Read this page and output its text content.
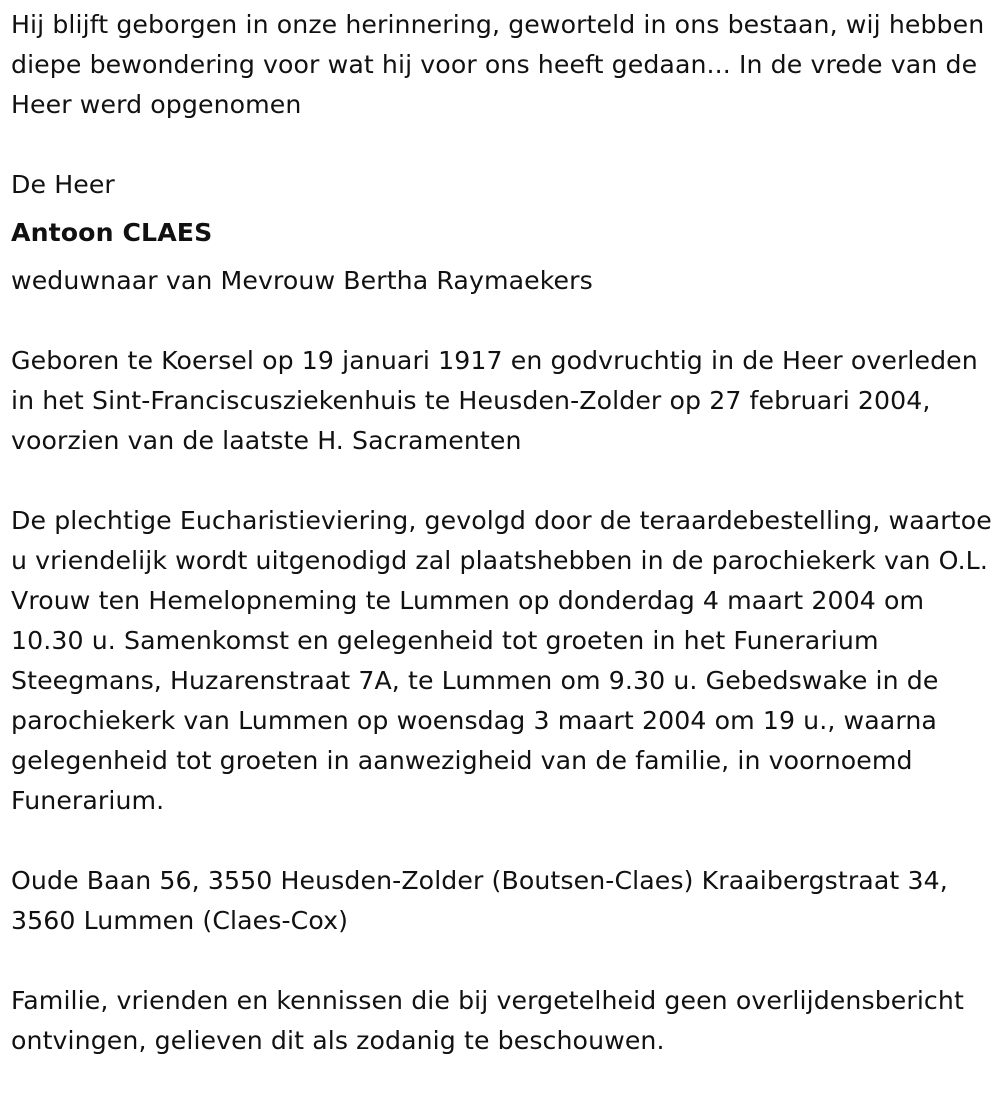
Hij blijft geborgen in onze herinnering, geworteld in ons bestaan, wij hebben diepe bewondering voor wat hij voor ons heeft gedaan... In de vrede van de Heer werd opgenomen

De Heer
Antoon CLAES
weduwnaar van Mevrouw Bertha Raymaekers

Geboren te Koersel op 19 januari 1917 en godvruchtig in de Heer overleden in het Sint-Franciscusziekenhuis te Heusden-Zolder op 27 februari 2004, voorzien van de laatste H. Sacramenten

De plechtige Eucharistieviering, gevolgd door de teraardebestelling, waartoe u vriendelijk wordt uitgenodigd zal plaatshebben in de parochiekerk van O.L. Vrouw ten Hemelopneming te Lummen op donderdag 4 maart 2004 om 10.30 u. Samenkomst en gelegenheid tot groeten in het Funerarium Steegmans, Huzarenstraat 7A, te Lummen om 9.30 u. Gebedswake in de parochiekerk van Lummen op woensdag 3 maart 2004 om 19 u., waarna gelegenheid tot groeten in aanwezigheid van de familie, in voornoemd Funerarium.

Oude Baan 56, 3550 Heusden-Zolder (Boutsen-Claes) Kraaibergstraat 34, 3560 Lummen (Claes-Cox)

Familie, vrienden en kennissen die bij vergetelheid geen overlijdensbericht ontvingen, gelieven dit als zodanig te beschouwen.
